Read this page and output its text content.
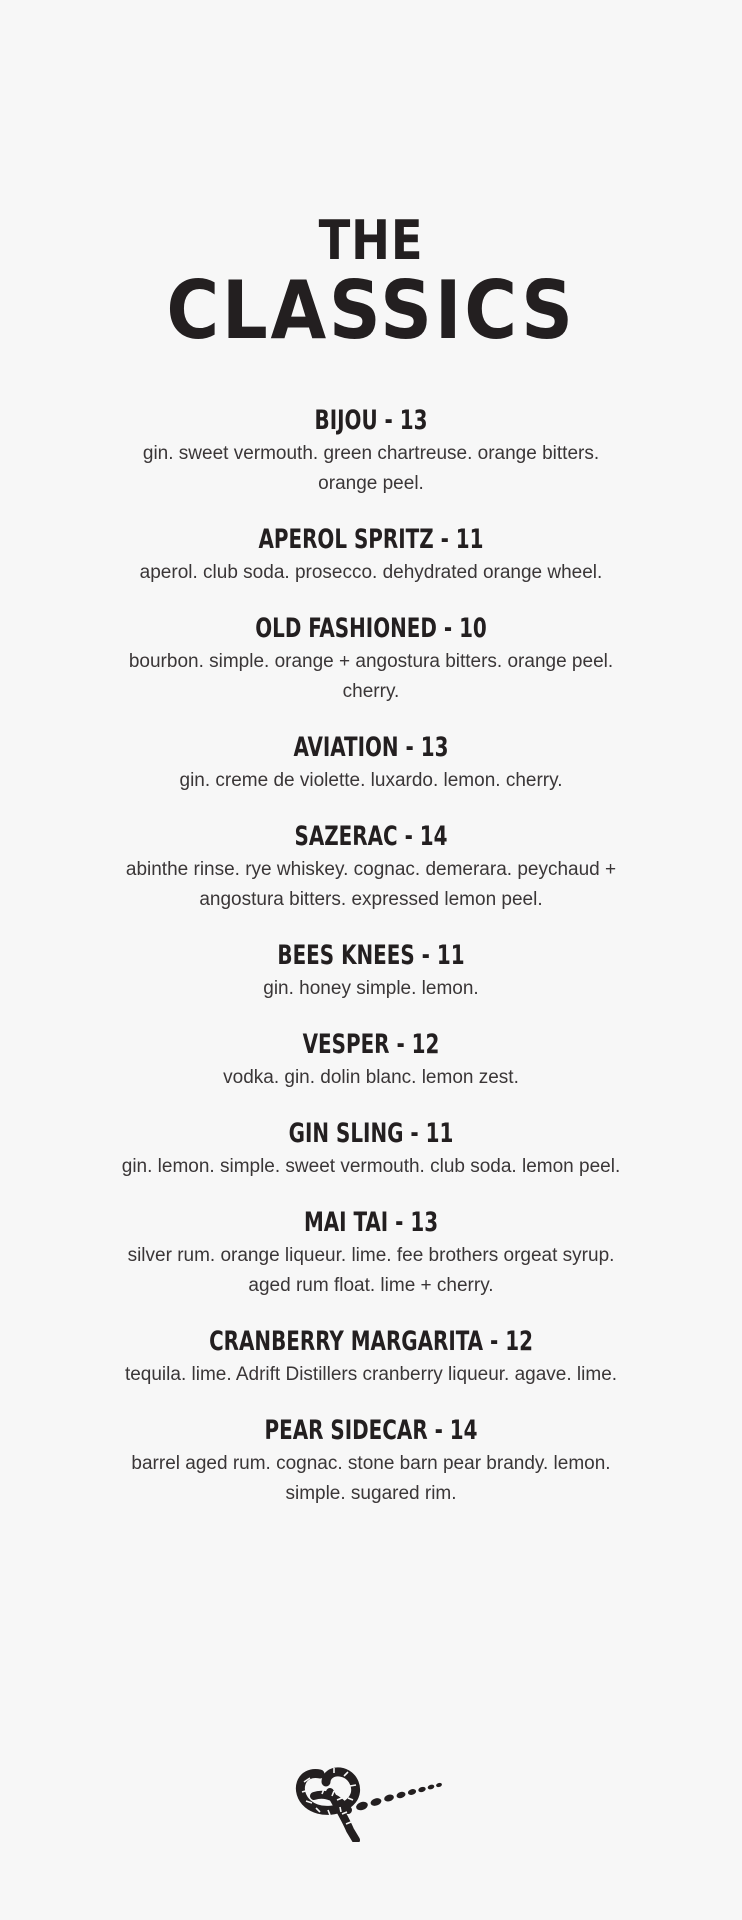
THE
CLASSICS
BIJOU - 13
gin. sweet vermouth. green chartreuse. orange bitters. orange peel.
APEROL SPRITZ - 11
aperol. club soda. prosecco. dehydrated orange wheel.
OLD FASHIONED - 10
bourbon. simple. orange + angostura bitters. orange peel. cherry.
AVIATION - 13
gin. creme de violette. luxardo. lemon. cherry.
SAZERAC - 14
abinthe rinse. rye whiskey. cognac. demerara. peychaud + angostura bitters. expressed lemon peel.
BEES KNEES - 11
gin. honey simple. lemon.
VESPER - 12
vodka. gin. dolin blanc. lemon zest.
GIN SLING - 11
gin. lemon. simple. sweet vermouth. club soda. lemon peel.
MAI TAI - 13
silver rum. orange liqueur. lime. fee brothers orgeat syrup. aged rum float. lime + cherry.
CRANBERRY MARGARITA - 12
tequila. lime. Adrift Distillers cranberry liqueur. agave. lime.
PEAR SIDECAR - 14
barrel aged rum. cognac. stone barn pear brandy. lemon. simple. sugared rim.
